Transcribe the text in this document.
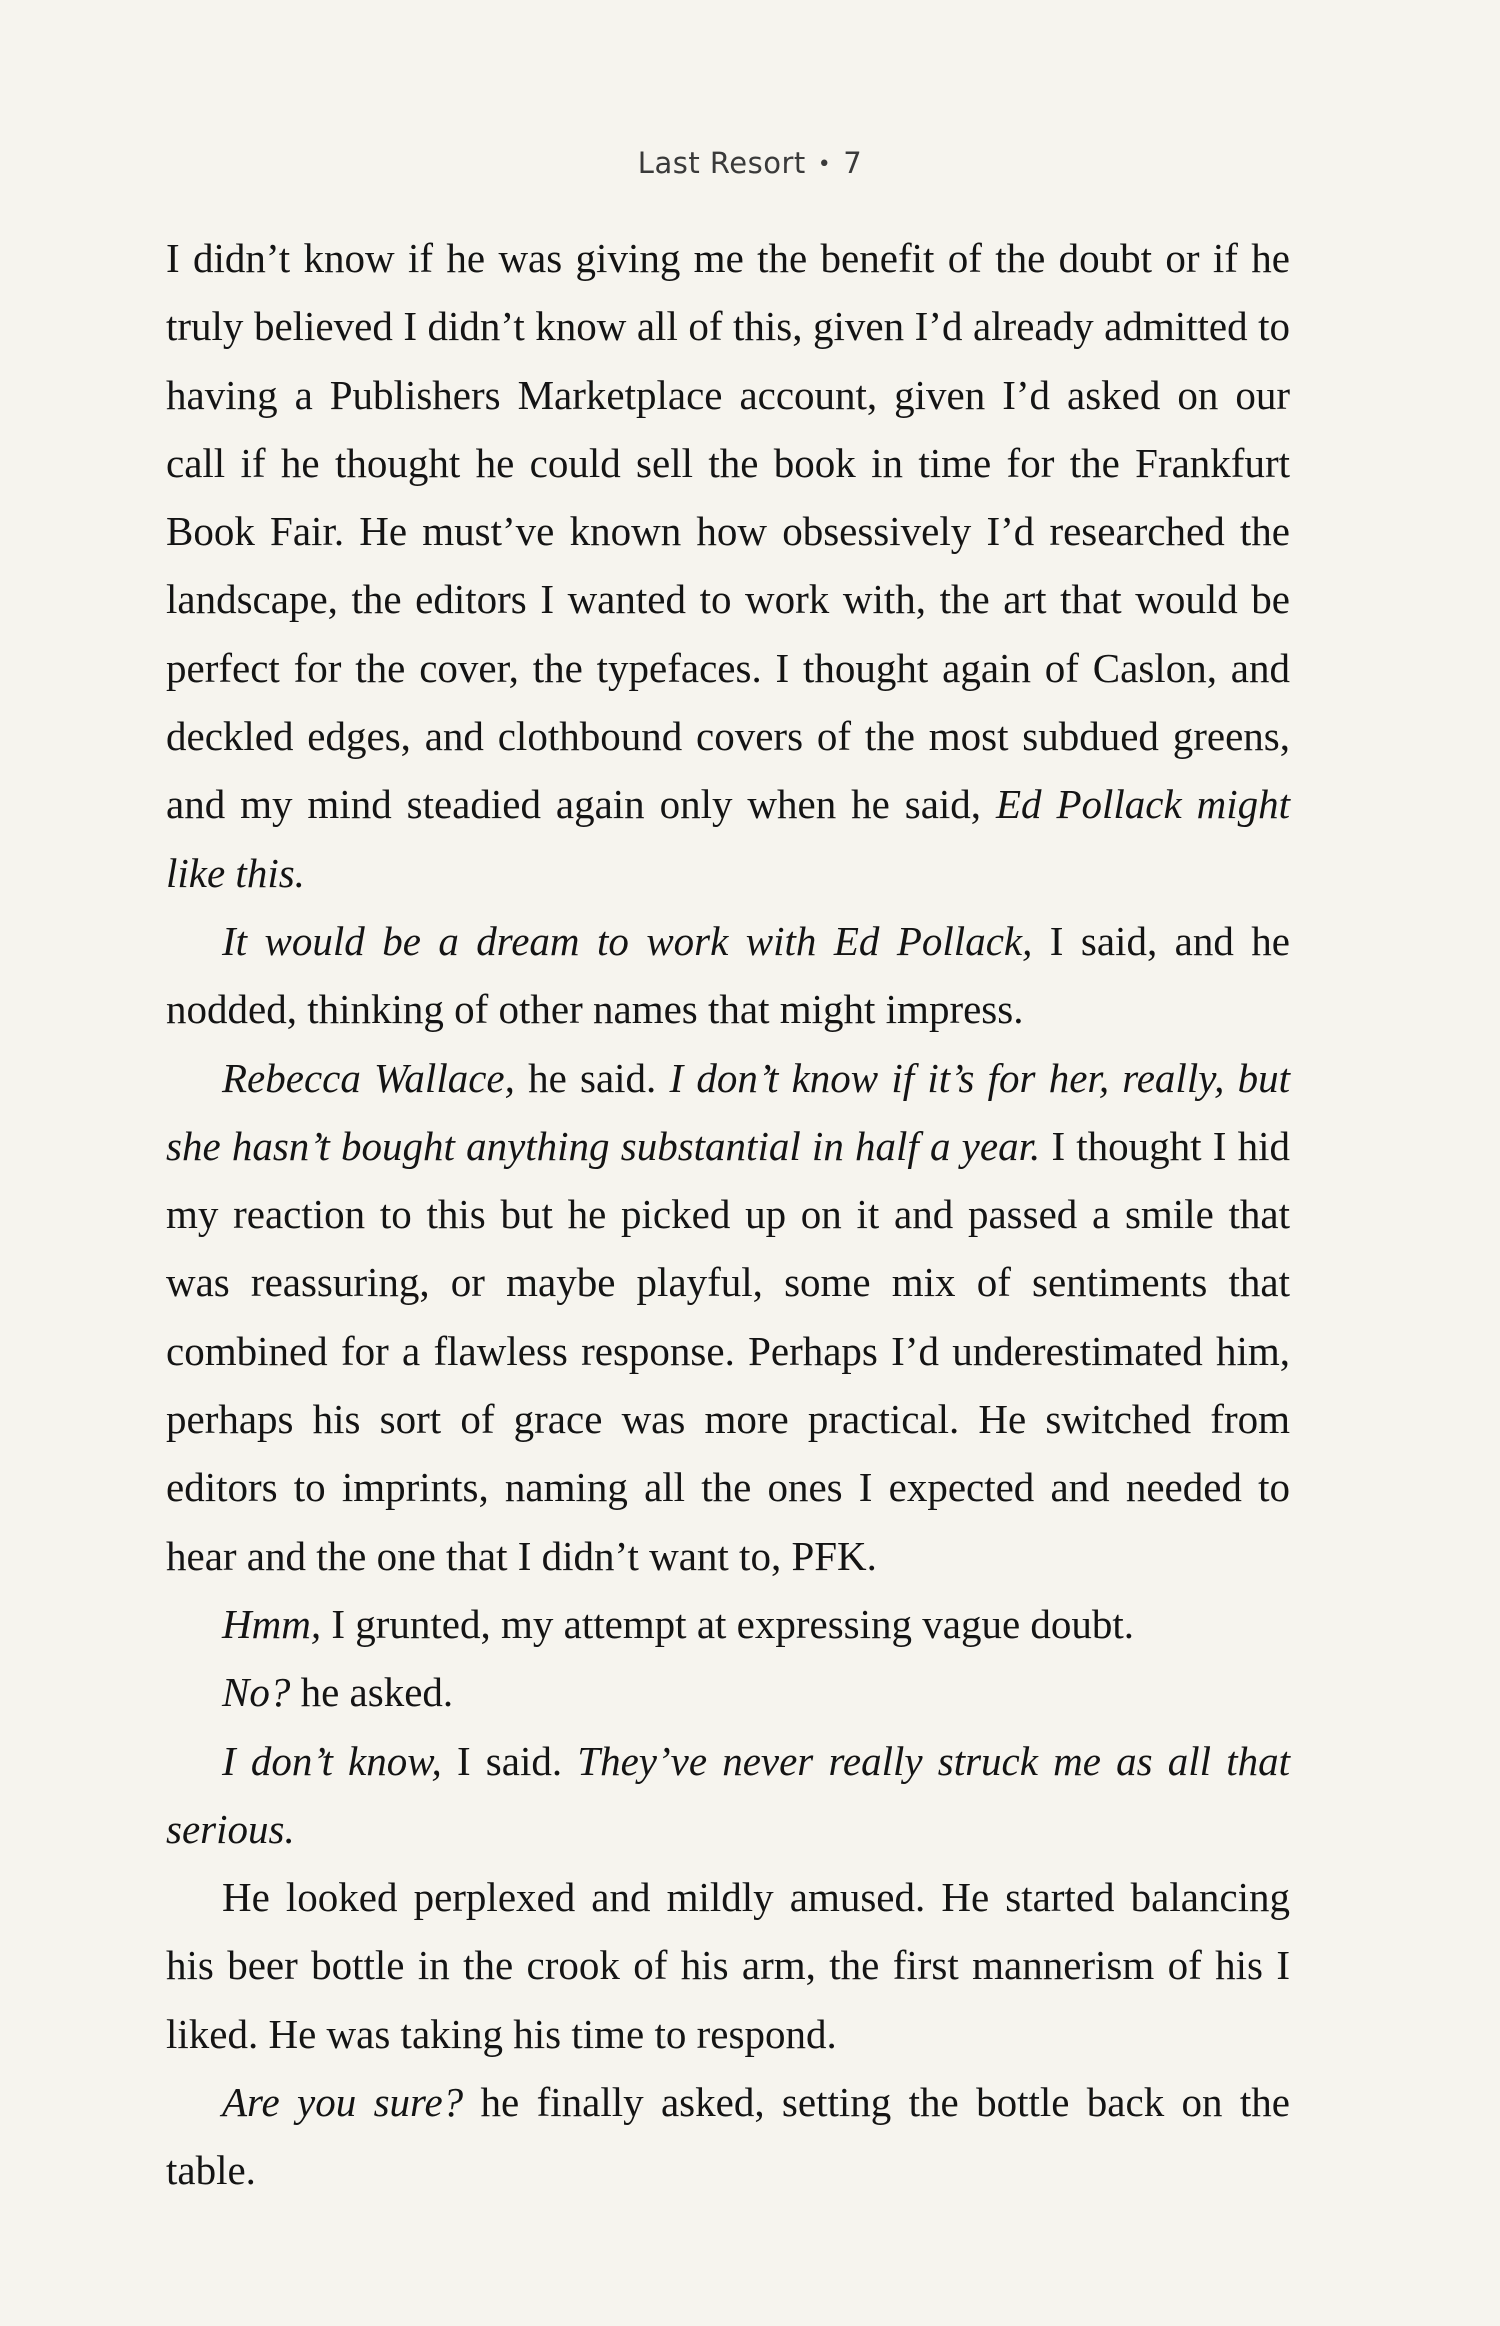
Last Resort • 7

I didn’t know if he was giving me the benefit of the doubt or if he truly believed I didn’t know all of this, given I’d already admitted to having a Publishers Marketplace account, given I’d asked on our call if he thought he could sell the book in time for the Frankfurt Book Fair. He must’ve known how obsessively I’d researched the landscape, the editors I wanted to work with, the art that would be perfect for the cover, the typefaces. I thought again of Caslon, and deckled edges, and clothbound covers of the most subdued greens, and my mind steadied again only when he said, Ed Pollack might like this.

It would be a dream to work with Ed Pollack, I said, and he nodded, thinking of other names that might impress.

Rebecca Wallace, he said. I don’t know if it’s for her, really, but she hasn’t bought anything substantial in half a year. I thought I hid my reaction to this but he picked up on it and passed a smile that was reassuring, or maybe playful, some mix of sentiments that combined for a flawless response. Perhaps I’d underestimated him, perhaps his sort of grace was more practical. He switched from editors to imprints, naming all the ones I expected and needed to hear and the one that I didn’t want to, PFK.

Hmm, I grunted, my attempt at expressing vague doubt.

No? he asked.

I don’t know, I said. They’ve never really struck me as all that serious.

He looked perplexed and mildly amused. He started balancing his beer bottle in the crook of his arm, the first mannerism of his I liked. He was taking his time to respond.

Are you sure? he finally asked, setting the bottle back on the table.
